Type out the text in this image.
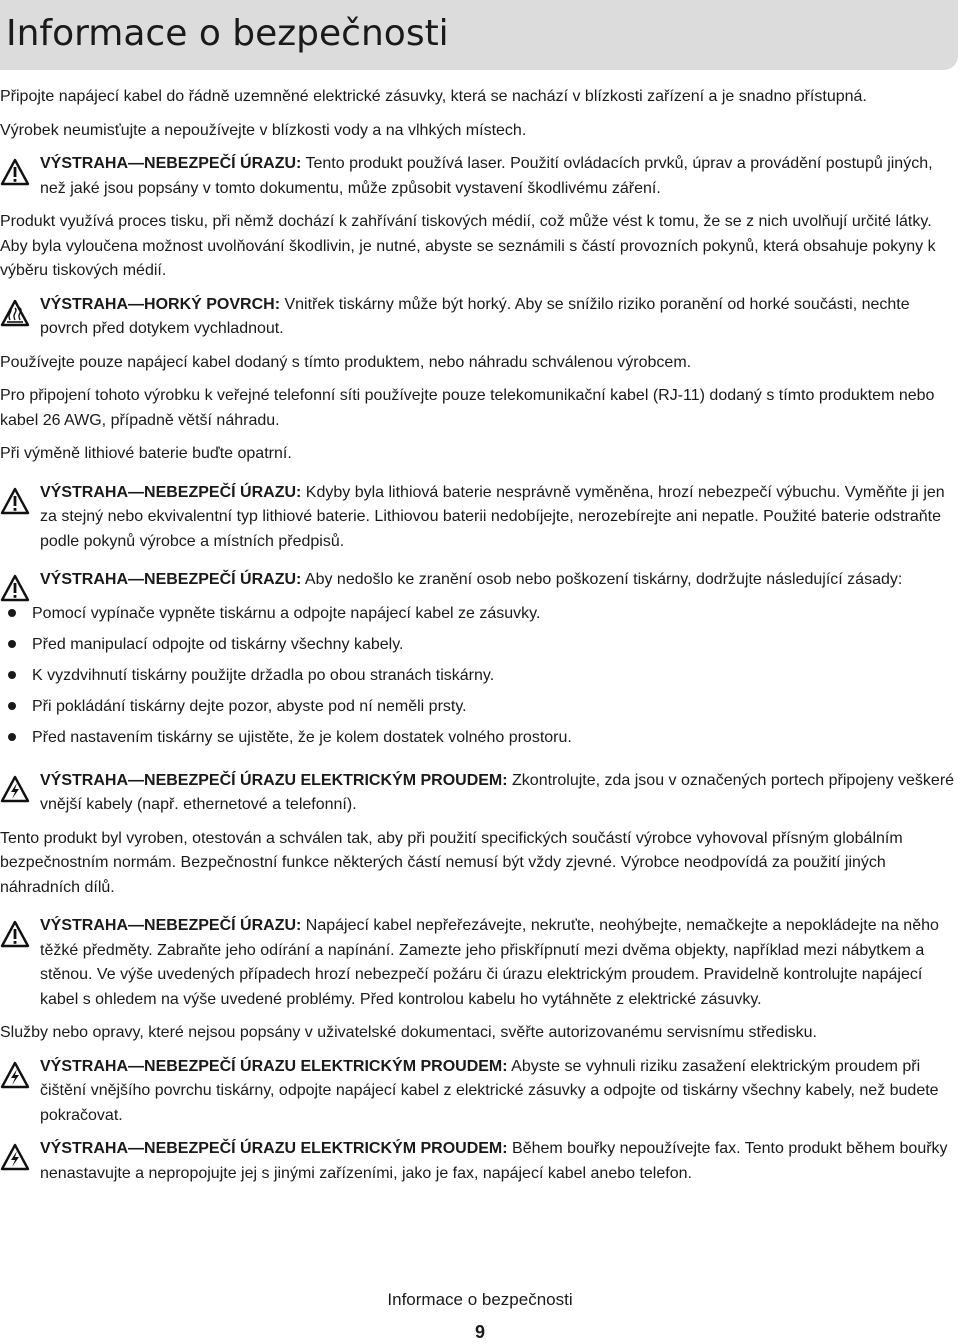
Informace o bezpečnosti

Připojte napájecí kabel do řádně uzemněné elektrické zásuvky, která se nachází v blízkosti zařízení a je snadno přístupná.

Výrobek neumisťujte a nepoužívejte v blízkosti vody a na vlhkých místech.

VÝSTRAHA—NEBEZPEČÍ ÚRAZU: Tento produkt používá laser. Použití ovládacích prvků, úprav a provádění postupů jiných, než jaké jsou popsány v tomto dokumentu, může způsobit vystavení škodlivému záření.

Produkt využívá proces tisku, při němž dochází k zahřívání tiskových médií, což může vést k tomu, že se z nich uvolňují určité látky. Aby byla vyloučena možnost uvolňování škodlivin, je nutné, abyste se seznámili s částí provozních pokynů, která obsahuje pokyny k výběru tiskových médií.

VÝSTRAHA—HORKÝ POVRCH: Vnitřek tiskárny může být horký. Aby se snížilo riziko poranění od horké součásti, nechte povrch před dotykem vychladnout.

Používejte pouze napájecí kabel dodaný s tímto produktem, nebo náhradu schválenou výrobcem.

Pro připojení tohoto výrobku k veřejné telefonní síti používejte pouze telekomunikační kabel (RJ‑11) dodaný s tímto produktem nebo kabel 26 AWG, případně větší náhradu.

Při výměně lithiové baterie buďte opatrní.

VÝSTRAHA—NEBEZPEČÍ ÚRAZU: Kdyby byla lithiová baterie nesprávně vyměněna, hrozí nebezpečí výbuchu. Vyměňte ji jen za stejný nebo ekvivalentní typ lithiové baterie. Lithiovou baterii nedobíjejte, nerozebírejte ani nepatle. Použité baterie odstraňte podle pokynů výrobce a místních předpisů.
VÝSTRAHA—NEBEZPEČÍ ÚRAZU: Aby nedošlo ke zranění osob nebo poškození tiskárny, dodržujte následující zásady:
Pomocí vypínače vypněte tiskárnu a odpojte napájecí kabel ze zásuvky.
Před manipulací odpojte od tiskárny všechny kabely.
K vyzdvihnutí tiskárny použijte držadla po obou stranách tiskárny.
Při pokládání tiskárny dejte pozor, abyste pod ní neměli prsty.
Před nastavením tiskárny se ujistěte, že je kolem dostatek volného prostoru.
VÝSTRAHA—NEBEZPEČÍ ÚRAZU ELEKTRICKÝM PROUDEM: Zkontrolujte, zda jsou v označených portech připojeny veškeré vnější kabely (např. ethernetové a telefonní).

Tento produkt byl vyroben, otestován a schválen tak, aby při použití specifických součástí výrobce vyhovoval přísným globálním bezpečnostním normám. Bezpečnostní funkce některých částí nemusí být vždy zjevné. Výrobce neodpovídá za použití jiných náhradních dílů.

VÝSTRAHA—NEBEZPEČÍ ÚRAZU: Napájecí kabel nepřeřezávejte, nekruťte, neohýbejte, nemačkejte a nepokládejte na něho těžké předměty. Zabraňte jeho odírání a napínání. Zamezte jeho přiskřípnutí mezi dvěma objekty, například mezi nábytkem a stěnou. Ve výše uvedených případech hrozí nebezpečí požáru či úrazu elektrickým proudem. Pravidelně kontrolujte napájecí kabel s ohledem na výše uvedené problémy. Před kontrolou kabelu ho vytáhněte z elektrické zásuvky.

Služby nebo opravy, které nejsou popsány v uživatelské dokumentaci, svěřte autorizovanému servisnímu středisku.

VÝSTRAHA—NEBEZPEČÍ ÚRAZU ELEKTRICKÝM PROUDEM: Abyste se vyhnuli riziku zasažení elektrickým proudem při čištění vnějšího povrchu tiskárny, odpojte napájecí kabel z elektrické zásuvky a odpojte od tiskárny všechny kabely, než budete pokračovat.
VÝSTRAHA—NEBEZPEČÍ ÚRAZU ELEKTRICKÝM PROUDEM: Během bouřky nepoužívejte fax. Tento produkt během bouřky nenastavujte a nepropojujte jej s jinými zařízeními, jako je fax, napájecí kabel anebo telefon.
Informace o bezpečnosti
9
